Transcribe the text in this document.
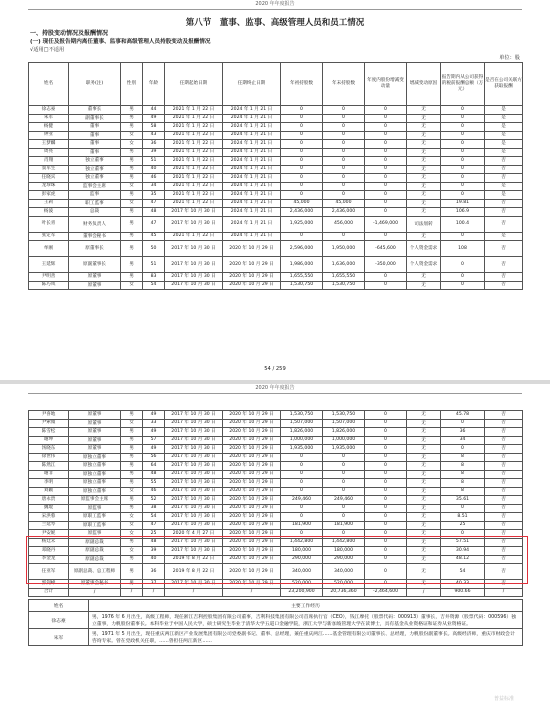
2020 年年度报告
第八节　董事、监事、高级管理人员和员工情况
一、持股变动情况及报酬情况
(一) 现任及报告期内离任董事、监事和高级管理人员持股变动及报酬情况
√适用□不适用
单位：股
姓名	职务(注)	性别	年龄	任期起始日期	任期终止日期	年初持股数	年末持股数	年度内股份增减变动量	增减变动原因	报告期内从公司获得的税前报酬总额（万元）	是否在公司关联方获取报酬
徐志豪	董事长	男	44	2021 年 1 月 22 日	2024 年 1 月 21 日	0	0	0	无	0	是
朱军	副董事长	男	49	2021 年 1 月 22 日	2024 年 1 月 21 日	0	0	0	无	0	是
杨健	董事	男	58	2021 年 1 月 22 日	2024 年 1 月 21 日	0	0	0	无	0	是
钟亚	董事	女	43	2021 年 1 月 22 日	2024 年 1 月 21 日	0	0	0	无	0	是
王梦麟	董事	女	36	2021 年 1 月 22 日	2024 年 1 月 21 日	0	0	0	无	0	是
周亮	董事	男	39	2021 年 1 月 22 日	2024 年 1 月 21 日	0	0	0	无	0	是
肖翔	独立董事	男	51	2021 年 1 月 22 日	2024 年 1 月 21 日	0	0	0	无	0	否
窦军生	独立董事	男	40	2021 年 1 月 22 日	2024 年 1 月 21 日	0	0	0	无	0	否
任晓宾	独立董事	男	46	2021 年 1 月 22 日	2024 年 1 月 21 日	0	0	0	无	0	否
龙珍珠	监事会主席	女	34	2021 年 1 月 22 日	2024 年 1 月 21 日	0	0	0	无	0	是
彭家虎	监事	男	35	2021 年 1 月 22 日	2024 年 1 月 21 日	0	0	0	无	0	是
王莉	职工监事	女	47	2021 年 1 月 22 日	2024 年 1 月 21 日	45,000	45,000	0	无	19.81	否
杨波	总裁	男	48	2017 年 10 月 30 日	2024 年 1 月 21 日	2,436,000	2,436,000	0	无	106.9	否
叶长青	财务负责人	男	47	2017 年 10 月 30 日	2024 年 1 月 21 日	1,925,000	456,000	-1,469,000	司法划转	100.4	否
张定军	董事会秘书	男	45	2021 年 1 月 22 日	2024 年 1 月 21 日	0	0	0	无	0	是
牟刚	原董事长	男	50	2017 年 10 月 30 日	2020 年 10 月 29 日	2,596,000	1,950,000	-645,600	个人资金需求	108	否
王延辉	原副董事长	男	51	2017 年 10 月 30 日	2020 年 10 月 29 日	1,986,000	1,636,000	-350,000	个人资金需求	0	否
尹明善	原董事	男	83	2017 年 10 月 30 日	2020 年 10 月 29 日	1,655,550	1,655,550	0	无	0	否
陈巧凤	原董事	女	54	2017 年 10 月 30 日	2020 年 10 月 29 日	1,530,750	1,530,750	0	无	0	否
54 / 259
2020 年年度报告
尹喜地	原董事	男	49	2017 年 10 月 30 日	2020 年 10 月 29 日	1,530,750	1,530,750	0	无	45.78	否
尹索微	原董事	女	33	2017 年 10 月 30 日	2020 年 10 月 29 日	1,507,000	1,507,000	0	无	0	否
陈雪松	原董事	男	49	2017 年 10 月 30 日	2020 年 10 月 29 日	1,826,000	1,826,000	0	无	36	否
谢坤	原董事	男	57	2017 年 10 月 30 日	2020 年 10 月 29 日	1,000,000	1,000,000	0	无	34	否
汤晓东	原董事	男	49	2017 年 10 月 30 日	2020 年 10 月 29 日	1,935,000	1,935,000	0	无	0	否
徐世伟	原独立董事	男	56	2017 年 10 月 30 日	2020 年 10 月 29 日	0	0	0	无	8	否
陈然江	原独立董事	男	64	2017 年 10 月 30 日	2020 年 10 月 29 日	0	0	0	无	8	否
谢非	原独立董事	男	48	2017 年 10 月 30 日	2020 年 10 月 29 日	0	0	0	无	8	否
李明	原独立董事	男	55	2017 年 10 月 30 日	2020 年 10 月 29 日	0	0	0	无	8	否
刘颖	原独立董事	女	46	2017 年 10 月 30 日	2020 年 10 月 29 日	0	0	0	无	8	否
唐永贵	原监事会主席	男	52	2017 年 10 月 30 日	2020 年 10 月 29 日	249,460	249,460	0	无	35.61	否
魏琨	原监事	男	38	2017 年 10 月 30 日	2020 年 10 月 29 日	0	0	0	无	0	否
宋洪蓉	原职工监事	女	54	2017 年 10 月 30 日	2020 年 10 月 29 日	0	0	0	无	8.51	否
兰延琴	原职工监事	女	47	2017 年 10 月 30 日	2020 年 10 月 29 日	181,900	181,900	0	无	25	否
尹安妮	原监事	女	25	2020 年 4 月 27 日	2020 年 10 月 29 日	0	0	0	无	0	否
杨廷禾	原副总裁	男	48	2017 年 10 月 30 日	2020 年 10 月 29 日	1,442,800	1,442,800	0	无	57.51	否
邓晓丹	原副总裁	女	39	2017 年 10 月 30 日	2020 年 10 月 29 日	180,000	180,000	0	无	30.94	否
李金龙	原副总裁	男	40	2019 年 8 月 22 日	2020 年 10 月 29 日	290,000	290,000	0	无	48.12	否
任亚军	原副总裁、总工程师	男	36	2019 年 8 月 22 日	2020 年 10 月 29 日	340,000	340,000	0	无	54	否
郭剑峰	原董事会秘书	男	37	2017 年 10 月 30 日	2020 年 10 月 29 日	520,000	520,000	0	无	40.33	否
合计	/	/	/	/	/	23,200,900	20,736,360	-2,464,600	/	900.66	/
姓名	主要工作经历
徐志豪	男，1976 年 6 月出生，高级工程师，现任浙江吉利控股集团有限公司董事，吉利科技集团有限公司首席执行官（CEO），钱江摩托（股票代码：000913）董事长，吉井资源（股票代码：000596）独立董事，力帆股份董事长。本科毕业于中国人民大学，硕士研究生毕业于清华大学五道口金融学院，浙江大学与新加坡管理大学在读博士，具有基金从业资格证和证券从业资格证。
朱军	男，1971 年 5 月出生，现任重庆两江新区产业发展集团有限公司党委副书记、董事、总经理，兼任重庆两江……基金管理有限公司董事长、总经理，力帆股份副董事长。高级经济师，重庆市财政会计咨询专家。曾在党政机关任职，……曾担任两江新区……
普益标准
